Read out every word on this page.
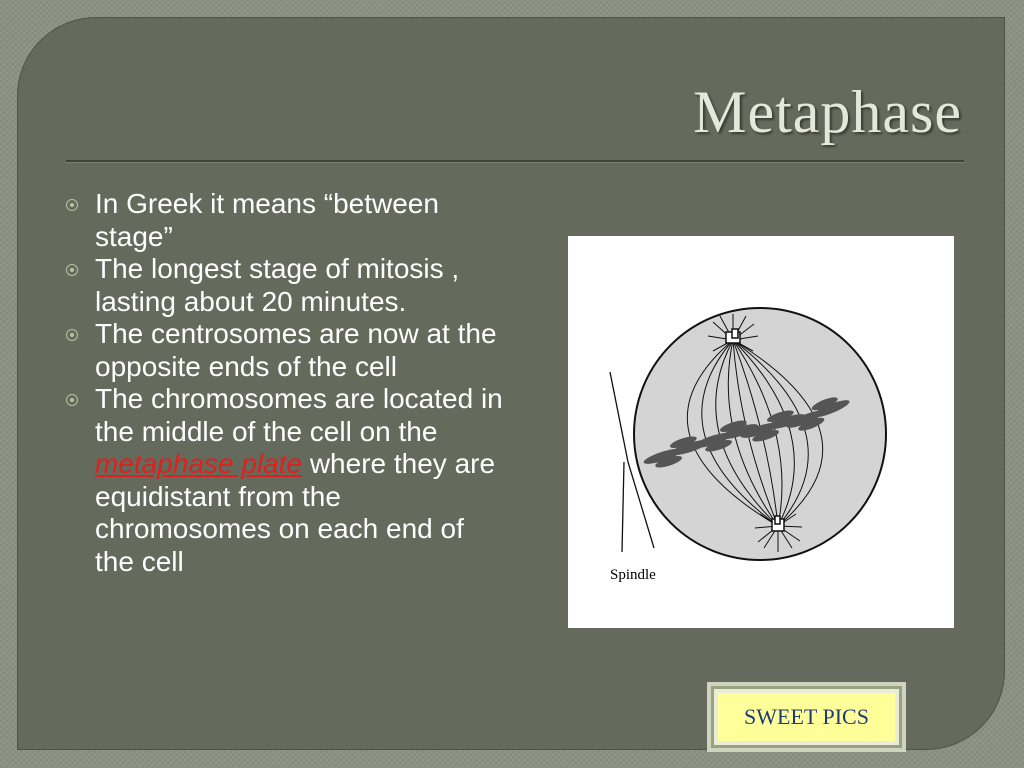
Metaphase
In Greek it means “between stage”
The longest stage of mitosis , lasting about 20 minutes.
The centrosomes are now at the opposite ends of the cell
The chromosomes are located in the middle of the cell on the metaphase plate where they are equidistant from the chromosomes on each end of the cell	Spindle
SWEET PICS
